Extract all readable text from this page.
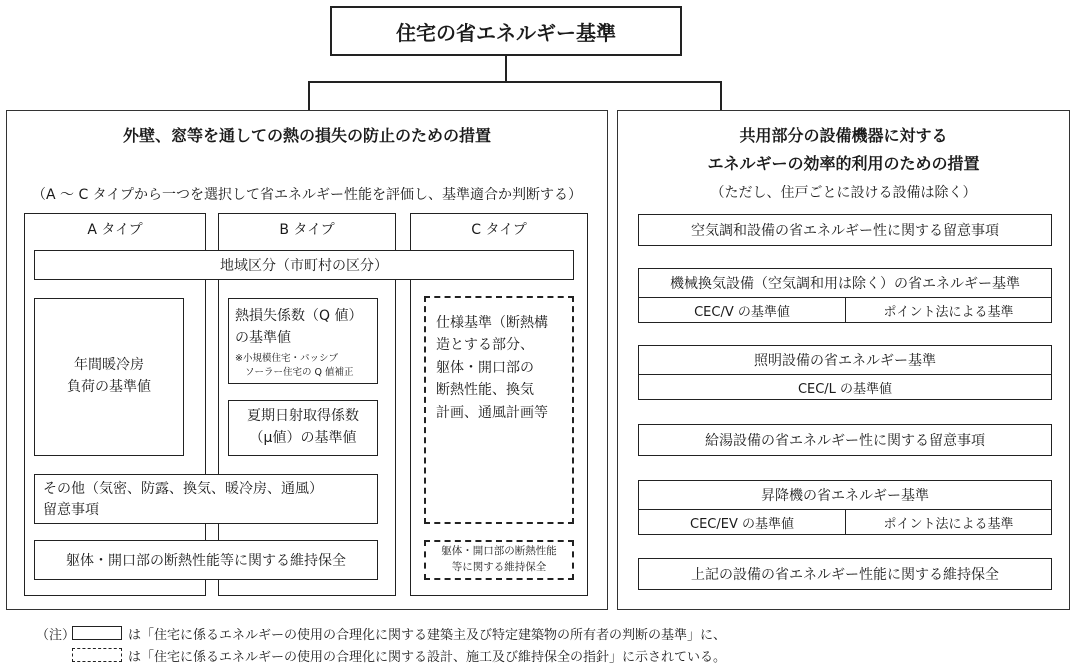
住宅の省エネルギー基準
外壁、窓等を通しての熱の損失の防止のための措置
（A 〜 C タイプから一つを選択して省エネルギー性能を評価し、基準適合か判断する）
A タイプ	B タイプ	C タイプ
地域区分（市町村の区分）
年間暖冷房
負荷の基準値
熱損失係数（Q 値）
の基準値
※小規模住宅・パッシブ
ソーラー住宅の Q 値補正
夏期日射取得係数
（μ値）の基準値
仕様基準（断熱構
造とする部分、
躯体・開口部の
断熱性能、換気
計画、通風計画等
その他（気密、防露、換気、暖冷房、通風）
留意事項
躯体・開口部の断熱性能等に関する維持保全
躯体・開口部の断熱性能
等に関する維持保全
共用部分の設備機器に対する
エネルギーの効率的利用のための措置
（ただし、住戸ごとに設ける設備は除く）
空気調和設備の省エネルギー性に関する留意事項
機械換気設備（空気調和用は除く）の省エネルギー基準
CEC/V の基準値	ポイント法による基準
照明設備の省エネルギー基準
CEC/L の基準値
給湯設備の省エネルギー性に関する留意事項
昇降機の省エネルギー基準
CEC/EV の基準値	ポイント法による基準
上記の設備の省エネルギー性能に関する維持保全
（注）	は「住宅に係るエネルギーの使用の合理化に関する建築主及び特定建築物の所有者の判断の基準」に、
は「住宅に係るエネルギーの使用の合理化に関する設計、施工及び維持保全の指針」に示されている。
